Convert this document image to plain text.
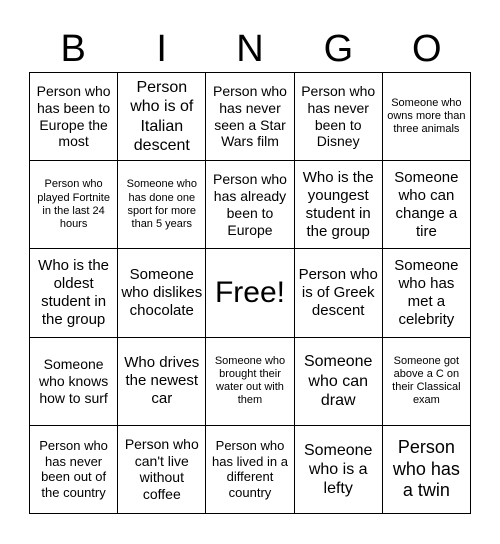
B	I	N	G	O
Person who has been to Europe the most
Person who is of Italian descent
Person who has never seen a Star Wars film
Person who has never been to Disney
Someone who owns more than three animals
Person who played Fortnite in the last 24 hours
Someone who has done one sport for more than 5 years
Person who has already been to Europe
Who is the youngest student in the group
Someone who can change a tire
Who is the oldest student in the group
Someone who dislikes chocolate
Free!
Person who is of Greek descent
Someone who has met a celebrity
Someone who knows how to surf
Who drives the newest car
Someone who brought their water out with them
Someone who can draw
Someone got above a C on their Classical exam
Person who has never been out of the country
Person who can't live without coffee
Person who has lived in a different country
Someone who is a lefty
Person who has a twin
